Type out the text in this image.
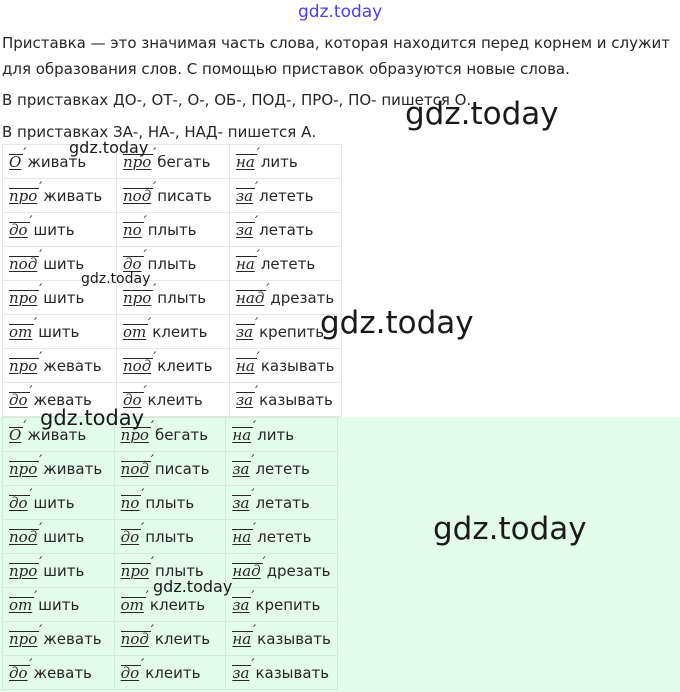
gdz.today

Приставка — это значимая часть слова, которая находится перед корнем и служит для образования слов. С помощью приставок образуются новые слова.

В приставках ДО-, ОТ-, О-, ОБ-, ПОД-, ПРО-, ПО- пишется О.

В приставках ЗА-, НА-, НАД- пишется А.

О ˊ живать	про ˊ бегать	на ˊ лить
про ˊ живать	под ˊ писать	за ˊ лететь
до ˊ шить	по ˊ плыть	за ˊ летать
под ˊ шить	до ˊ плыть	на ˊ лететь
про ˊ шить	про ˊ плыть	над ˊ дрезать
от ˊ шить	от ˊ клеить	за ˊ крепить
про ˊ жевать	под ˊ клеить	на ˊ казывать
до ˊ жевать	до ˊ клеить	за ˊ казывать
О ˊ живать	про ˊ бегать	на ˊ лить
про ˊ живать	под ˊ писать	за ˊ лететь
до ˊ шить	по ˊ плыть	за ˊ летать
под ˊ шить	до ˊ плыть	на ˊ лететь
про ˊ шить	про ˊ плыть	над ˊ дрезать
от ˊ шить	от ˊ клеить	за ˊ крепить
про ˊ жевать	под ˊ клеить	на ˊ казывать
до ˊ жевать	до ˊ клеить	за ˊ казывать
gdz.today
gdz.today
gdz.today
gdz.today
gdz.today
gdz.today
gdz.today
